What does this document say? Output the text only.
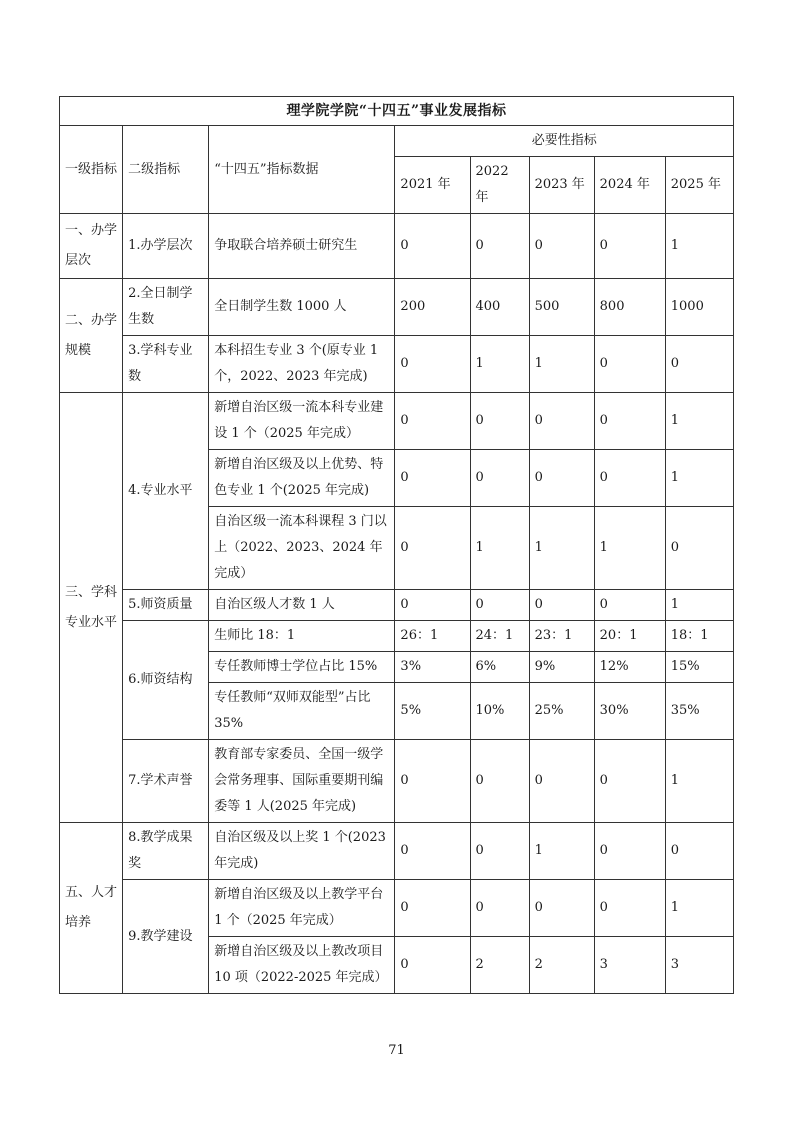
理学院学院“十四五”事业发展指标							
一级指标	二级指标	“十四五”指标数据	必要性指标				
			2021 年	2022 年	2023 年	2024 年	2025 年
一、办学层次	1.办学层次	争取联合培养硕士研究生	0	0	0	0	1
二、办学规模	2.全日制学生数	全日制学生数 1000 人	200	400	500	800	1000
	3.学科专业数	本科招生专业 3 个(原专业 1 个，2022、2023 年完成)	0	1	1	0	0
三、学科专业水平	4.专业水平	新增自治区级一流本科专业建设 1 个（2025 年完成）	0	0	0	0	1
		新增自治区级及以上优势、特色专业 1 个(2025 年完成)	0	0	0	0	1
		自治区级一流本科课程 3 门以上（2022、2023、2024 年完成）	0	1	1	1	0
	5.师资质量	自治区级人才数 1 人	0	0	0	0	1
	6.师资结构	生师比 18：1	26：1	24：1	23：1	20：1	18：1
		专任教师博士学位占比 15%	3%	6%	9%	12%	15%
		专任教师“双师双能型”占比 35%	5%	10%	25%	30%	35%
	7.学术声誉	教育部专家委员、全国一级学会常务理事、国际重要期刊编委等 1 人(2025 年完成)	0	0	0	0	1
五、人才培养	8.教学成果奖	自治区级及以上奖 1 个(2023 年完成)	0	0	1	0	0
	9.教学建设	新增自治区级及以上教学平台 1 个（2025 年完成）	0	0	0	0	1
		新增自治区级及以上教改项目 10 项（2022-2025 年完成）	0	2	2	3	3
71
